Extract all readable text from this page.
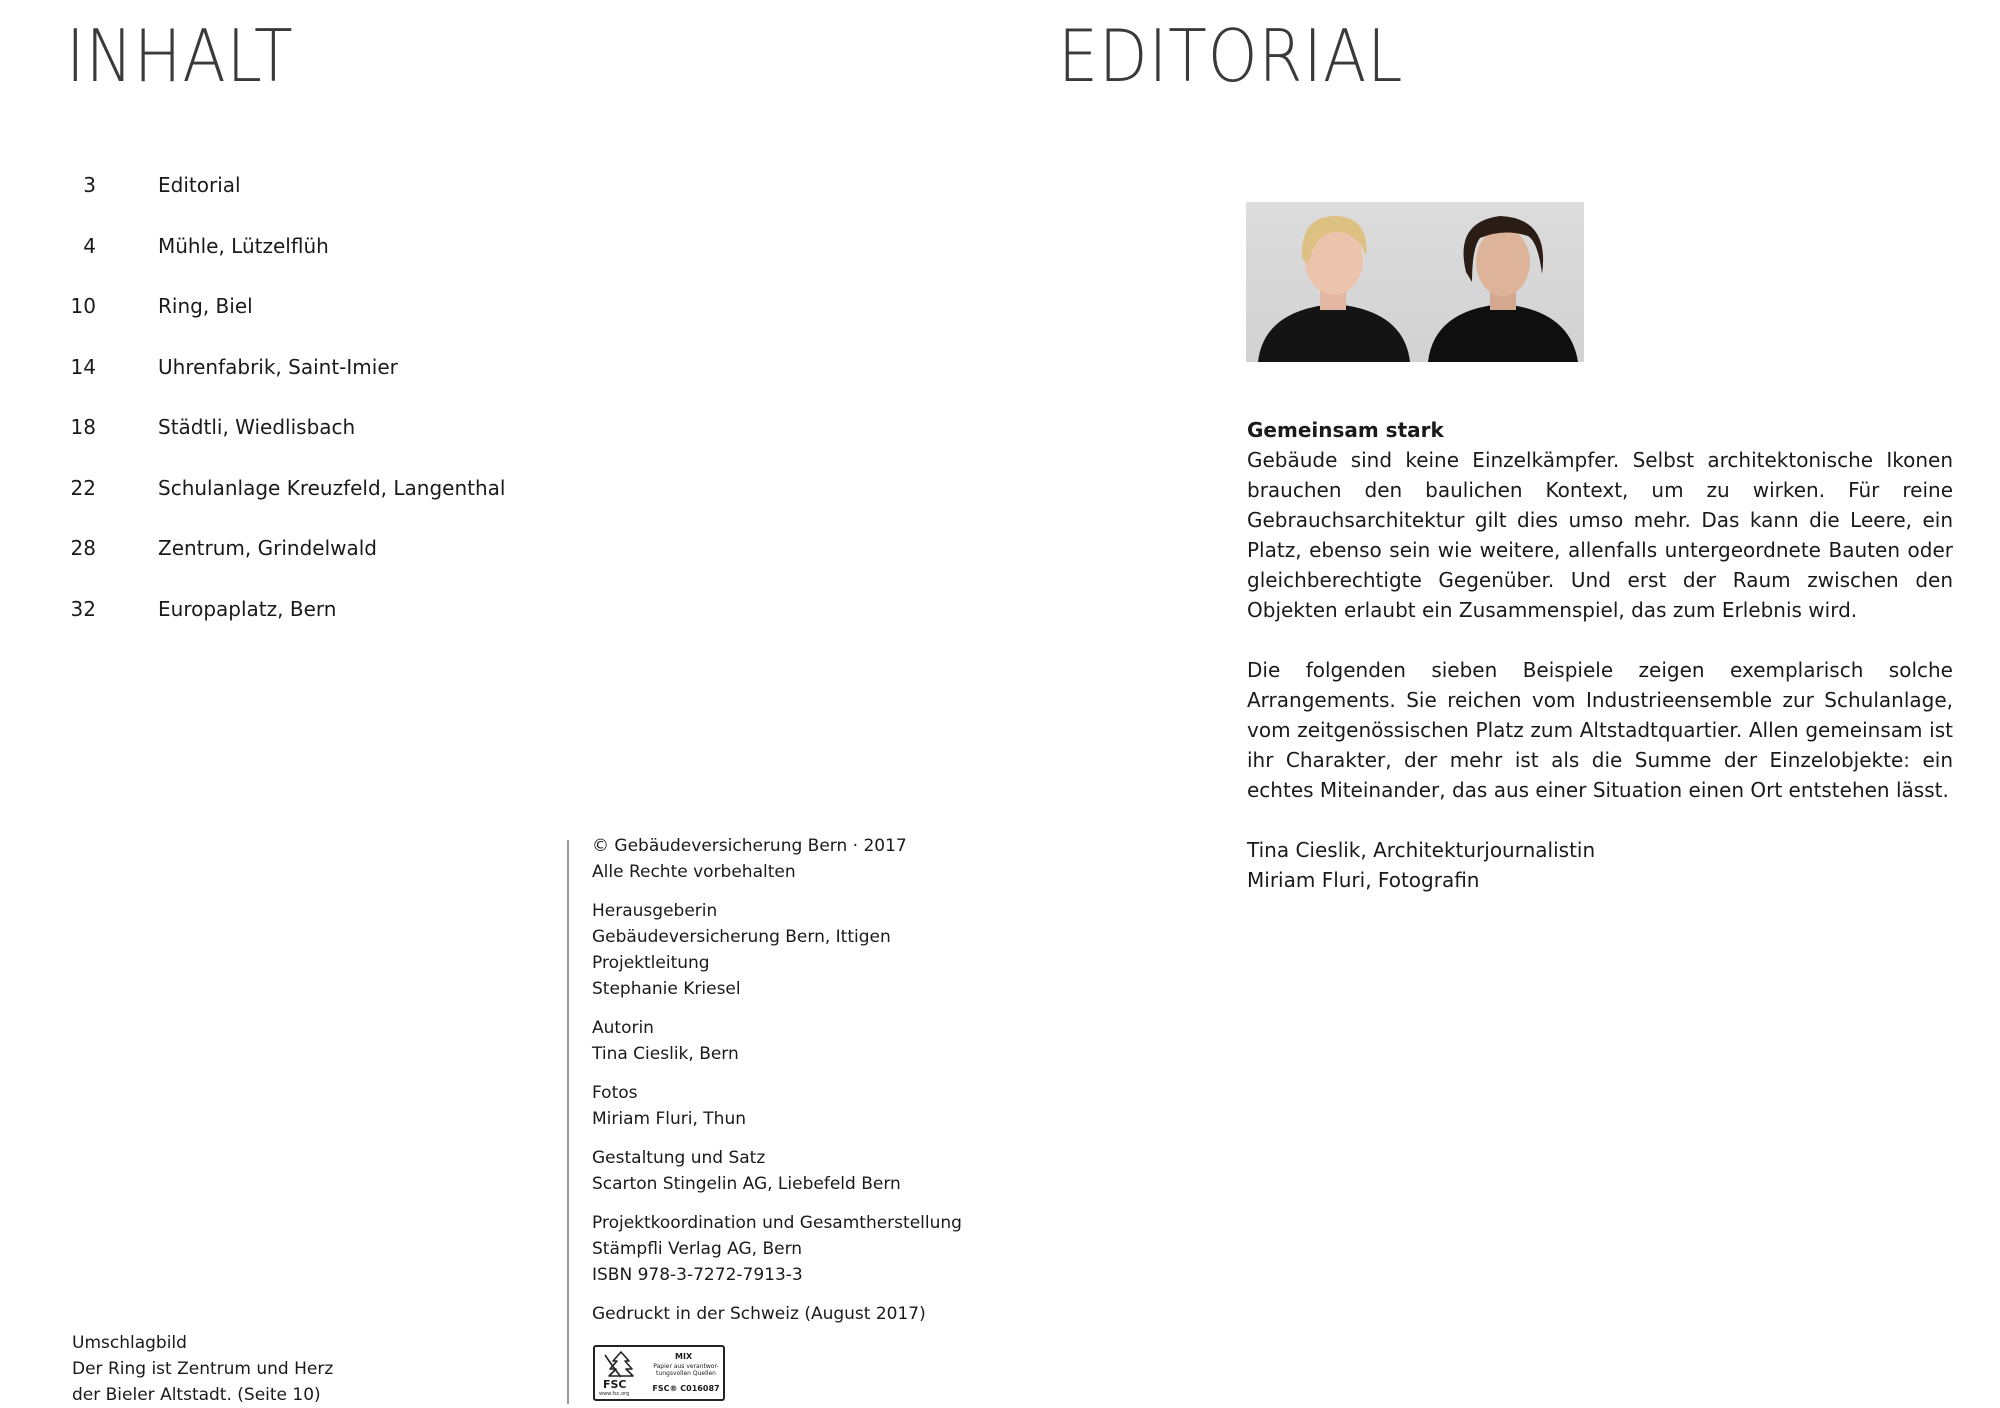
INHALT
3	Editorial
4	Mühle, Lützelflüh
10	Ring, Biel
14	Uhrenfabrik, Saint-Imier
18	Städtli, Wiedlisbach
22	Schulanlage Kreuzfeld, Langenthal
28	Zentrum, Grindelwald
32	Europaplatz, Bern
Umschlagbild
Der Ring ist Zentrum und Herz
der Bieler Altstadt. (Seite 10)
© Gebäudeversicherung Bern · 2017
Alle Rechte vorbehalten
Herausgeberin
Gebäudeversicherung Bern, Ittigen
Projektleitung
Stephanie Kriesel
Autorin
Tina Cieslik, Bern
Fotos
Miriam Fluri, Thun
Gestaltung und Satz
Scarton Stingelin AG, Liebefeld Bern
Projektkoordination und Gesamtherstellung
Stämpfli Verlag AG, Bern
ISBN 978-3-7272-7913-3
Gedruckt in der Schweiz (August 2017)
FSC
www.fsc.org
MIX
Papier aus verantwor-tungsvollen Quellen
FSC® C016087
EDITORIAL

Gemeinsam stark
Gebäude sind keine Einzelkämpfer. Selbst architektonische Ikonen brauchen den baulichen Kontext, um zu wirken. Für reine Gebrauchsarchitektur gilt dies umso mehr. Das kann die Leere, ein Platz, ebenso sein wie weitere, allenfalls untergeordnete Bauten oder gleichberechtigte Gegenüber. Und erst der Raum zwischen den Objekten erlaubt ein Zusammenspiel, das zum Erlebnis wird.

Die folgenden sieben Beispiele zeigen exemplarisch solche Arrangements. Sie reichen vom Industrieensemble zur Schulanlage, vom zeitgenössischen Platz zum Altstadtquartier. Allen gemeinsam ist ihr Charakter, der mehr ist als die Summe der Einzelobjekte: ein echtes Miteinander, das aus einer Situation einen Ort entstehen lässt.

Tina Cieslik, Architekturjournalistin
Miriam Fluri, Fotografin
